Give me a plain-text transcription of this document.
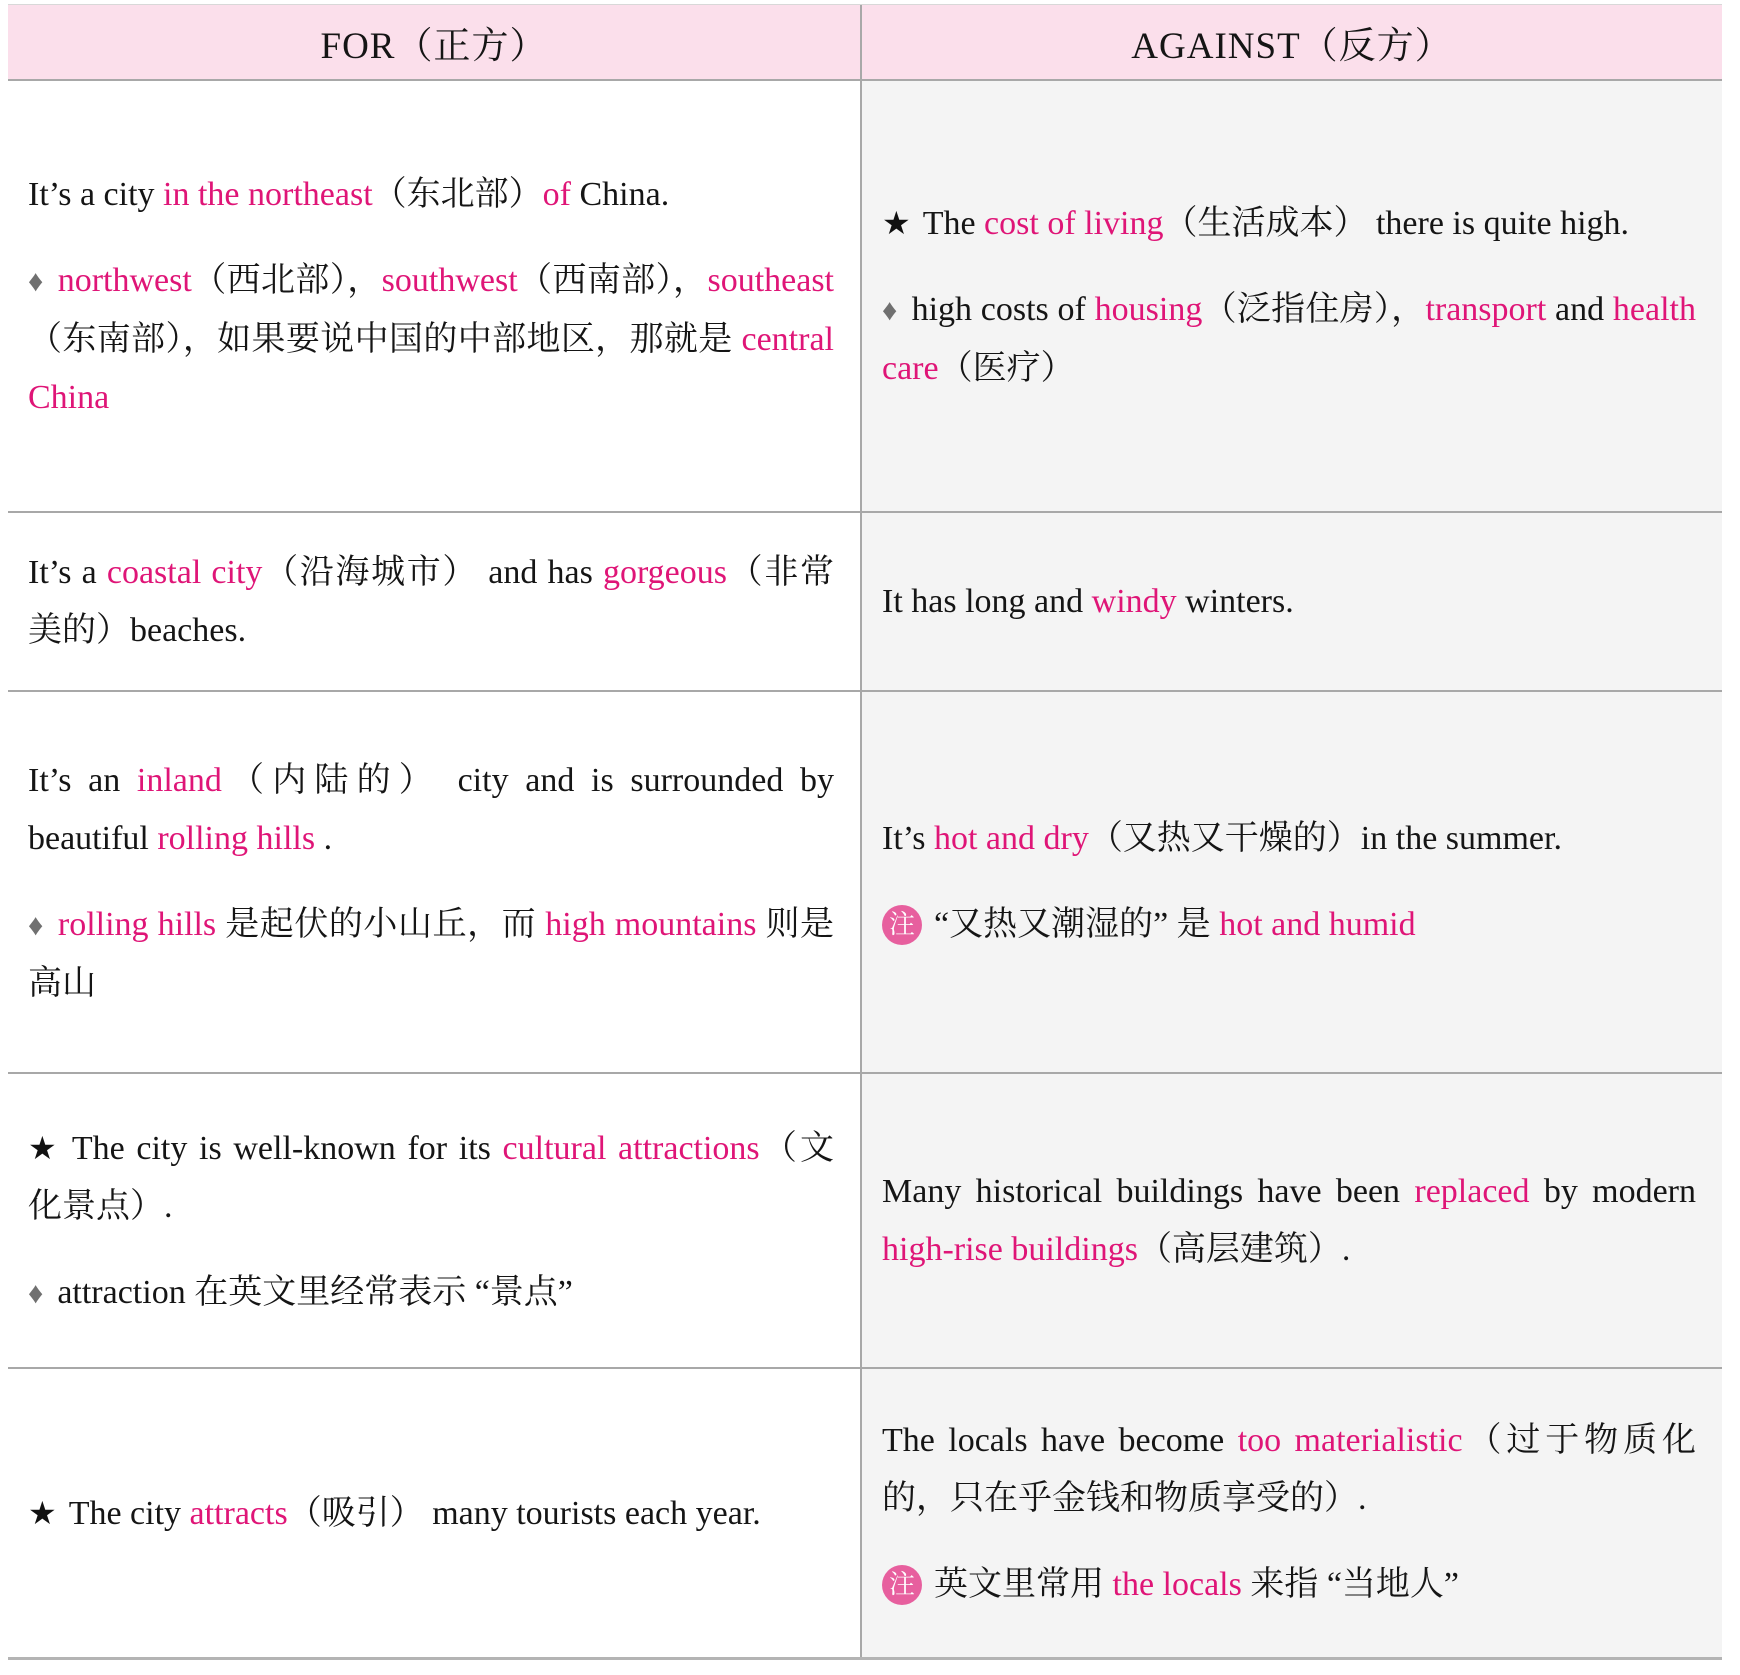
FOR（正方）	AGAINST（反方）

It’s a city in the northeast（东北部）of China.

♦ northwest（西北部），southwest（西南部），southeast（东南部），如果要说中国的中部地区，那就是 central China

★ The cost of living（生活成本） there is quite high.

♦ high costs of housing（泛指住房），transport and health care（医疗）

It’s a coastal city（沿海城市） and has gorgeous（非常美的）beaches.

It has long and windy winters.

It’s an inland（内陆的） city and is surrounded by beautiful rolling hills .

♦ rolling hills 是起伏的小山丘，而 high mountains 则是高山

It’s hot and dry（又热又干燥的）in the summer.

注 “又热又潮湿的” 是 hot and humid

★ The city is well-known for its cultural attractions（文化景点）.

♦ attraction 在英文里经常表示 “景点”

Many historical buildings have been replaced by modern high-rise buildings（高层建筑）.

★ The city attracts（吸引） many tourists each year.

The locals have become too materialistic（过于物质化的，只在乎金钱和物质享受的）.

注 英文里常用 the locals 来指 “当地人”
